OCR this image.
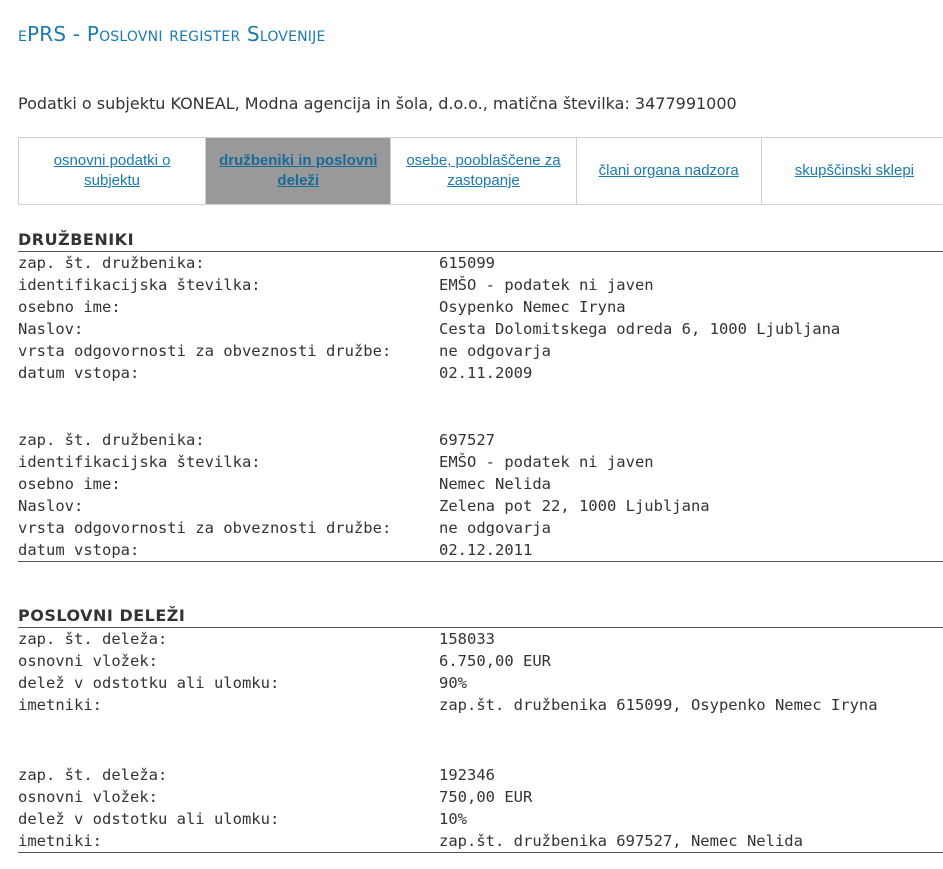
ePRS - Poslovni register Slovenije

Podatki o subjektu KONEAL, Modna agencija in šola, d.o.o., matična številka: 3477991000

osnovni podatki o subjektu
družbeniki in poslovni deleži
osebe, pooblaščene za zastopanje
člani organa nadzora	skupščinski sklepi
DRUŽBENIKI
zap. št. družbenika:	615099
identifikacijska številka:	EMŠO - podatek ni javen
osebno ime:	Osypenko Nemec Iryna
Naslov:	Cesta Dolomitskega odreda 6, 1000 Ljubljana
vrsta odgovornosti za obveznosti družbe:	ne odgovarja
datum vstopa:	02.11.2009
zap. št. družbenika:	697527
identifikacijska številka:	EMŠO - podatek ni javen
osebno ime:	Nemec Nelida
Naslov:	Zelena pot 22, 1000 Ljubljana
vrsta odgovornosti za obveznosti družbe:	ne odgovarja
datum vstopa:	02.12.2011
POSLOVNI DELEŽI
zap. št. deleža:	158033
osnovni vložek:	6.750,00 EUR
delež v odstotku ali ulomku:	90%
imetniki:	zap.št. družbenika 615099, Osypenko Nemec Iryna
zap. št. deleža:	192346
osnovni vložek:	750,00 EUR
delež v odstotku ali ulomku:	10%
imetniki:	zap.št. družbenika 697527, Nemec Nelida
